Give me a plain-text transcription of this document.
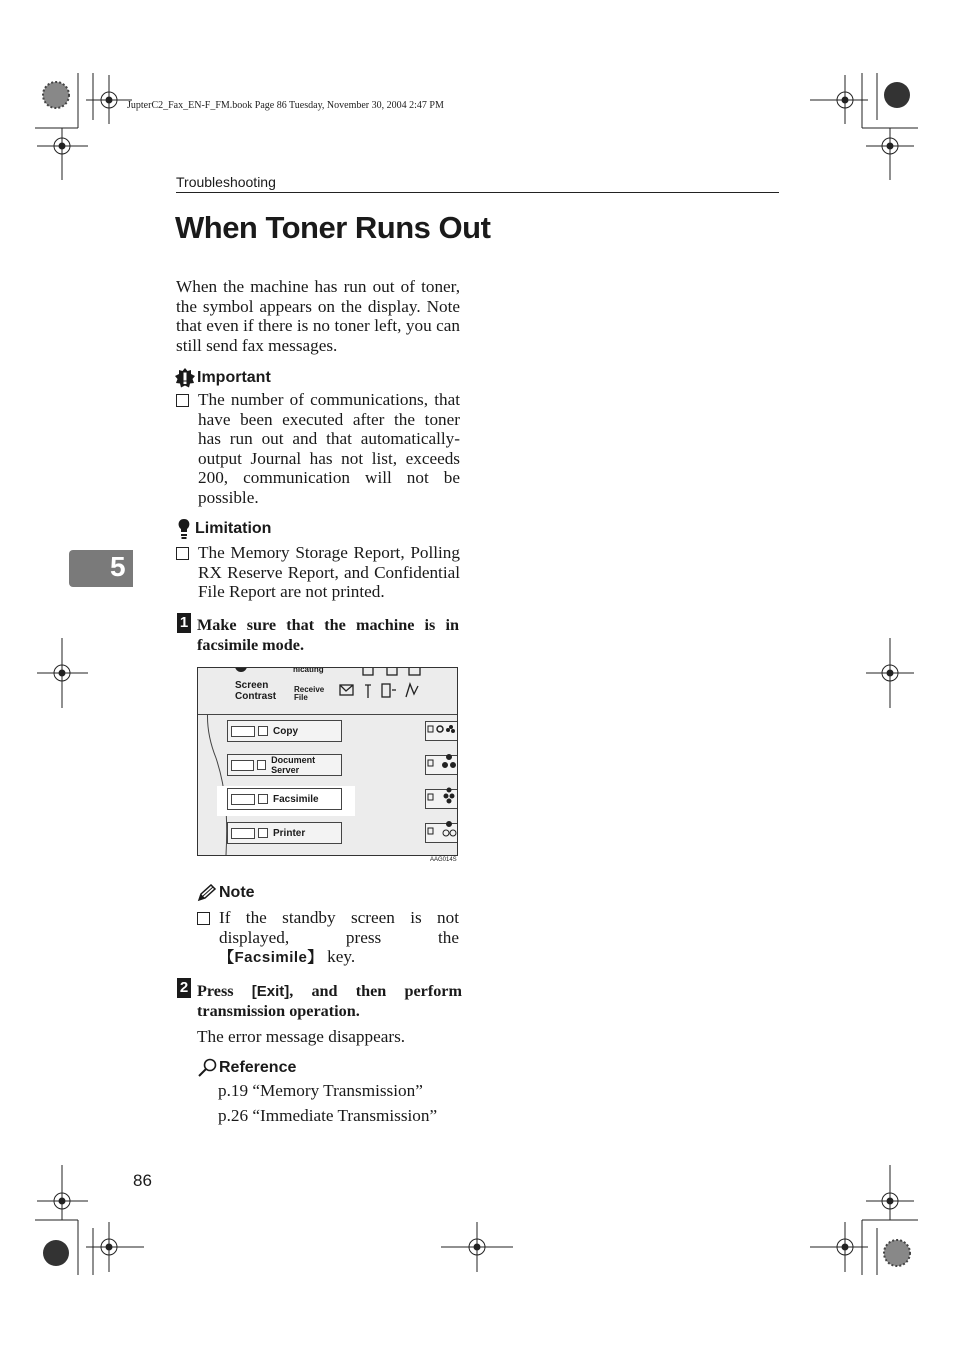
JupterC2_Fax_EN-F_FM.book Page 86 Tuesday, November 30, 2004 2:47 PM
Troubleshooting
When Toner Runs Out
When the machine has run out of toner, the symbol appears on the display. Note that even if there is no toner left, you can still send fax messages.
Important
The number of communications, that have been executed after the toner has run out and that automatically-output Journal has not list, exceeds 200, communication will not be possible.
Limitation
The Memory Storage Report, Polling RX Reserve Report, and Confidential File Report are not printed.
5
1 Make sure that the machine is in facsimile mode.
nicating
Screen
Contrast
Receive
File
Copy
Document Server
Facsimile
Printer
AAG014S
Note
If the standby screen is not displayed, press the 【Facsimile】 key.
2 Press [Exit], and then perform transmission operation.
The error message disappears.
Reference
p.19 “Memory Transmission”
p.26 “Immediate Transmission”
86
